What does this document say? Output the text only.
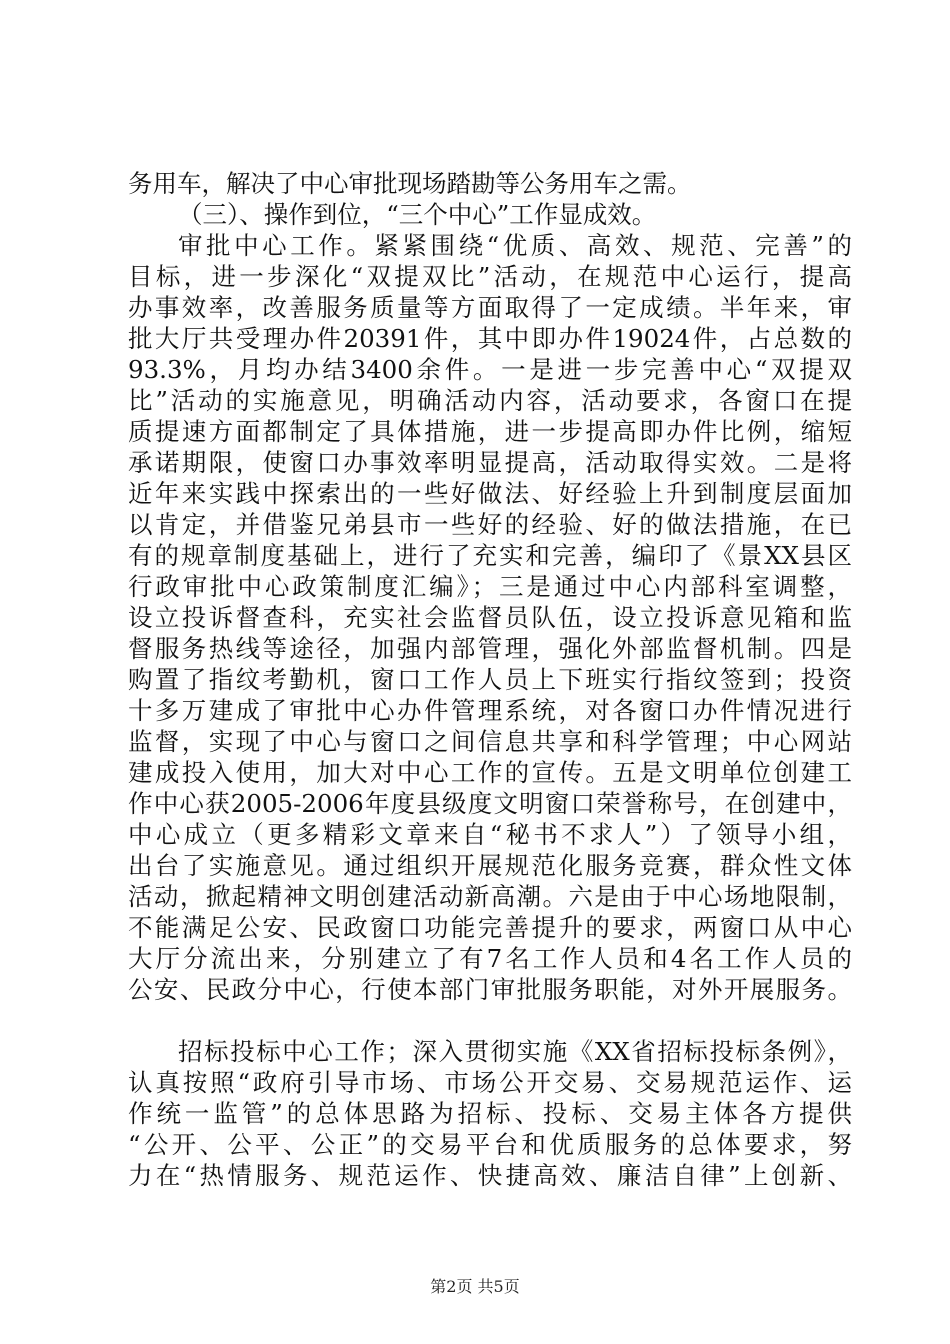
务用车，解决了中心审批现场踏勘等公务用车之需。
（三）、操作到位，“三个中心”工作显成效。
审批中心工作。紧紧围绕“优质、高效、规范、完善”的
目标，进一步深化“双提双比”活动，在规范中心运行，提高
办事效率，改善服务质量等方面取得了一定成绩。半年来，审
批大厅共受理办件20391件，其中即办件19024件，占总数的
93.3%，月均办结3400余件。一是进一步完善中心“双提双
比”活动的实施意见，明确活动内容，活动要求，各窗口在提
质提速方面都制定了具体措施，进一步提高即办件比例，缩短
承诺期限，使窗口办事效率明显提高，活动取得实效。二是将
近年来实践中探索出的一些好做法、好经验上升到制度层面加
以肯定，并借鉴兄弟县市一些好的经验、好的做法措施，在已
有的规章制度基础上，进行了充实和完善，编印了《景XX县区
行政审批中心政策制度汇编》；三是通过中心内部科室调整，
设立投诉督查科，充实社会监督员队伍，设立投诉意见箱和监
督服务热线等途径，加强内部管理，强化外部监督机制。四是
购置了指纹考勤机，窗口工作人员上下班实行指纹签到；投资
十多万建成了审批中心办件管理系统，对各窗口办件情况进行
监督，实现了中心与窗口之间信息共享和科学管理；中心网站
建成投入使用，加大对中心工作的宣传。五是文明单位创建工
作中心获2005-2006年度县级度文明窗口荣誉称号，在创建中，
中心成立（更多精彩文章来自“秘书不求人”）了领导小组，
出台了实施意见。通过组织开展规范化服务竞赛，群众性文体
活动，掀起精神文明创建活动新高潮。六是由于中心场地限制，
不能满足公安、民政窗口功能完善提升的要求，两窗口从中心
大厅分流出来，分别建立了有7名工作人员和4名工作人员的
公安、民政分中心，行使本部门审批服务职能，对外开展服务。
招标投标中心工作；深入贯彻实施《XX省招标投标条例》，
认真按照“政府引导市场、市场公开交易、交易规范运作、运
作统一监管”的总体思路为招标、投标、交易主体各方提供
“公开、公平、公正”的交易平台和优质服务的总体要求，努
力在“热情服务、规范运作、快捷高效、廉洁自律”上创新、
第2页 共5页
